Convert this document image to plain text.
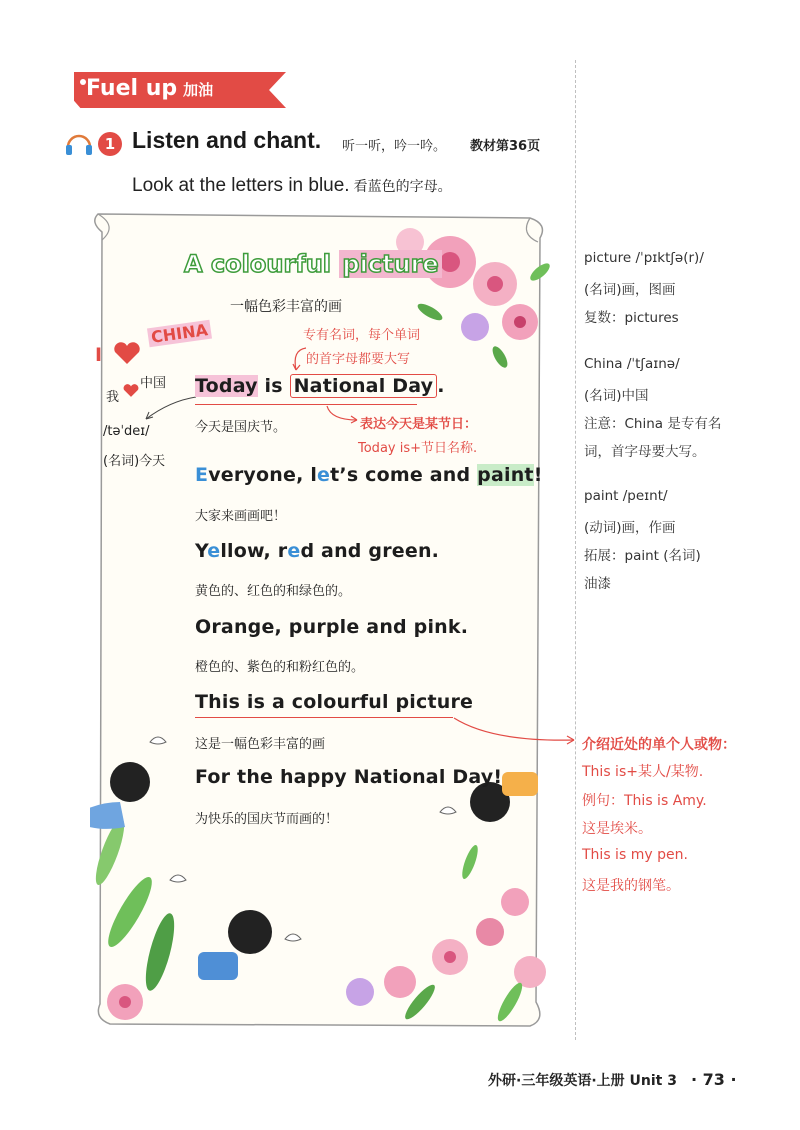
Fuel up 加油
1 Listen and chant. 听一听，吟一吟。 教材第36页
Look at the letters in blue. 看蓝色的字母。
A colourful picture
一幅色彩丰富的画
I
CHINA
我
中国
/təˈdeɪ/
(名词)今天
专有名词，每个单词
的首字母都要大写
Today is National Day .
今天是国庆节。	表达今天是某节日：
Today is+节日名称.
Everyone, let’s come and paint!
大家来画画吧！
Yellow, red and green.
黄色的、红色的和绿色的。
Orange, purple and pink.
橙色的、紫色的和粉红色的。
This is a colourful picture
这是一幅色彩丰富的画
For the happy National Day!
为快乐的国庆节而画的！
picture /ˈpɪktʃə(r)/
(名词)画，图画
复数：pictures
China /ˈtʃaɪnə/
(名词)中国
注意：China 是专有名
词，首字母要大写。
paint /peɪnt/
(动词)画，作画
拓展：paint (名词)
油漆
介绍近处的单个人或物：
This is+某人/某物.
例句：This is Amy.
这是埃米。
This is my pen.
这是我的钢笔。
外研·三年级英语·上册 Unit 3 · 73 ·
